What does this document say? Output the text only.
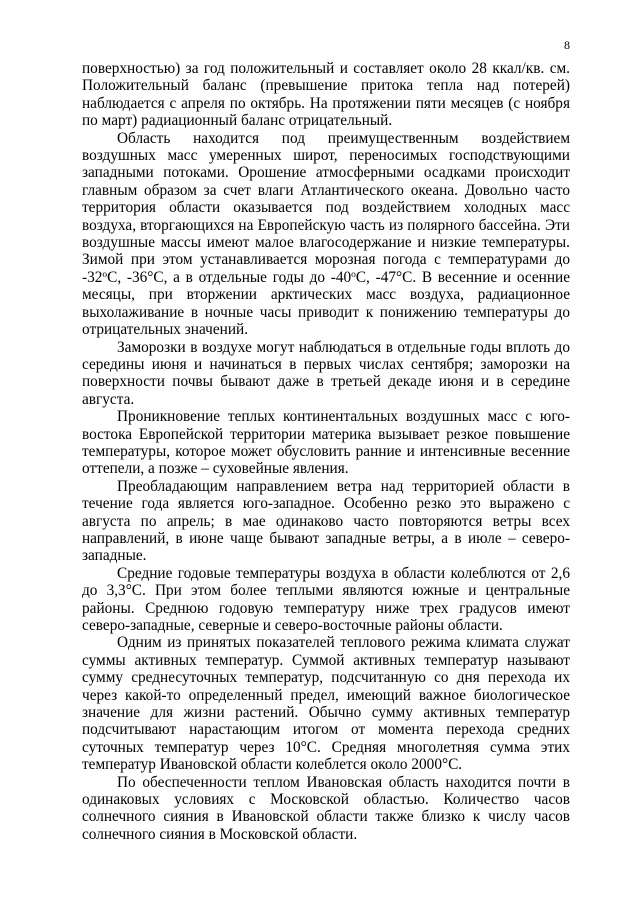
8

поверхностью) за год положительный и составляет около 28 ккал/кв. см. Положительный баланс (превышение притока тепла над потерей) наблюдается с апреля по октябрь. На протяжении пяти месяцев (с ноября по март) радиационный баланс отрицательный.

Область находится под преимущественным воздействием воздушных масс умеренных широт, переносимых господствующими западными потоками. Орошение атмосферными осадками происходит главным образом за счет влаги Атлантического океана. Довольно часто территория области оказывается под воздействием холодных масс воздуха, вторгающихся на Европейскую часть из полярного бассейна. Эти воздушные массы имеют малое влагосодержание и низкие температуры. Зимой при этом устанавливается морозная погода с температурами до -32$^o$С, -36°С, а в отдельные годы до -40$^o$С, -47°С. В весенние и осенние месяцы, при вторжении арктических масс воздуха, радиационное выхолаживание в ночные часы приводит к понижению температуры до отрицательных значений.

Заморозки в воздухе могут наблюдаться в отдельные годы вплоть до середины июня и начинаться в первых числах сентября; заморозки на поверхности почвы бывают даже в третьей декаде июня и в середине августа.

Проникновение теплых континентальных воздушных масс с юго-востока Европейской территории материка вызывает резкое повышение температуры, которое может обусловить ранние и интенсивные весенние оттепели, а позже – суховейные явления.

Преобладающим направлением ветра над территорией области в течение года является юго-западное. Особенно резко это выражено с августа по апрель; в мае одинаково часто повторяются ветры всех направлений, в июне чаще бывают западные ветры, а в июле – северо-западные.

Средние годовые температуры воздуха в области колеблются от 2,6 до 3,3°С. При этом более теплыми являются южные и центральные районы. Среднюю годовую температуру ниже трех градусов имеют северо-западные, северные и северо-восточные районы области.

Одним из принятых показателей теплового режима климата служат суммы активных температур. Суммой активных температур называют сумму среднесуточных температур, подсчитанную со дня перехода их через какой-то определенный предел, имеющий важное биологическое значение для жизни растений. Обычно сумму активных температур подсчитывают нарастающим итогом от момента перехода средних суточных температур через 10°С. Средняя многолетняя сумма этих температур Ивановской области колеблется около 2000°С.

По обеспеченности теплом Ивановская область находится почти в одинаковых условиях с Московской областью. Количество часов солнечного сияния в Ивановской области также близко к числу часов солнечного сияния в Московской области.
